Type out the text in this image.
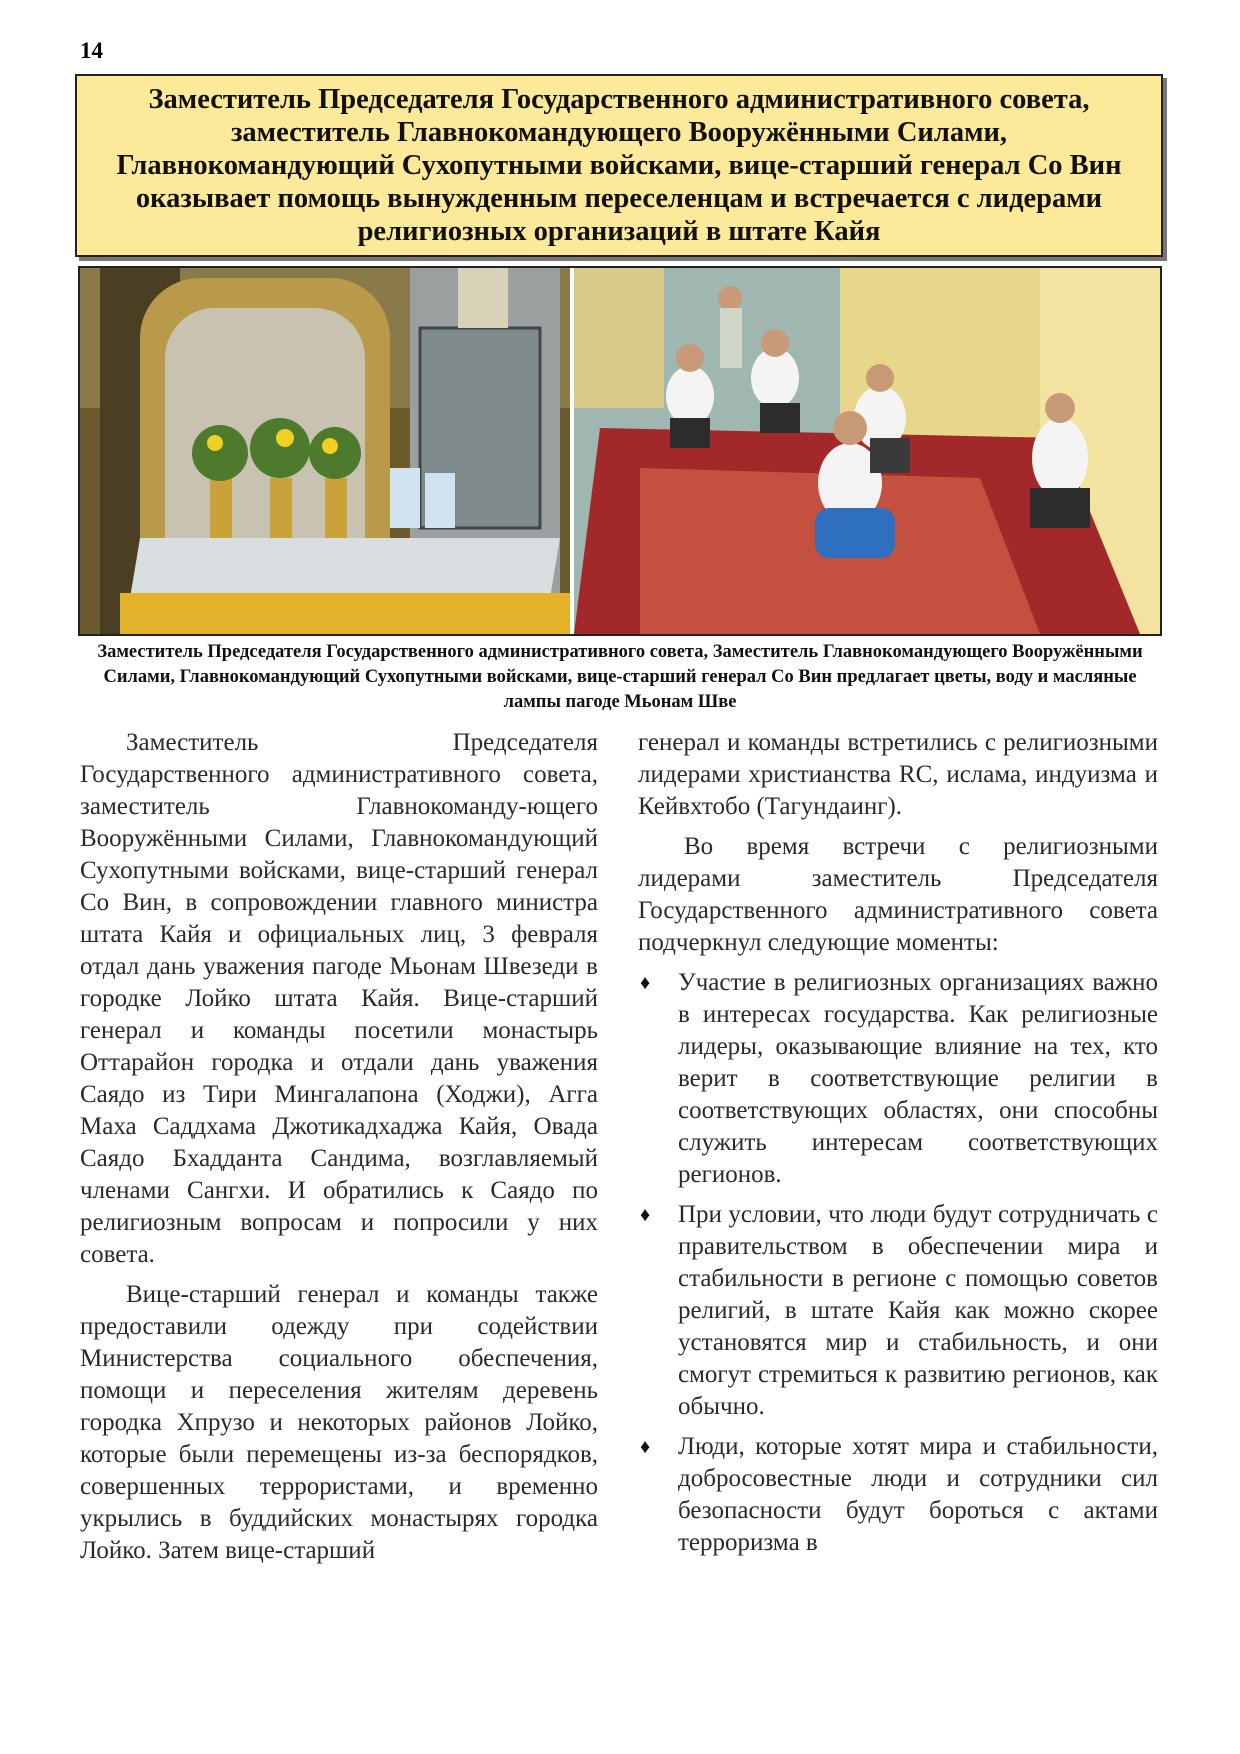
14
Заместитель Председателя Государственного административного совета, заместитель Главнокомандующего Вооружёнными Силами, Главнокомандующий Сухопутными войсками, вице-старший генерал Со Вин оказывает помощь вынужденным переселенцам и встречается с лидерами религиозных организаций в штате Кайя
Заместитель Председателя Государственного административного совета, Заместитель Главнокомандующего Вооружёнными Силами, Главнокомандующий Сухопутными войсками, вице-старший генерал Со Вин предлагает цветы, воду и масляные лампы пагоде Мьонам Шве

Заместитель Председателя Государственного административного совета, заместитель Главнокоманду-ющего Вооружёнными Силами, Главнокомандующий Сухопутными войсками, вице-старший генерал Со Вин, в сопровождении главного министра штата Кайя и официальных лиц, 3 февраля отдал дань уважения пагоде Мьонам Швезеди в городке Лойко штата Кайя. Вице-старший генерал и команды посетили монастырь Оттарайон городка и отдали дань уважения Саядо из Тири Мингалапона (Ходжи), Агга Маха Саддхама Джотикадхаджа Кайя, Овада Саядо Бхадданта Сандима, возглавляемый членами Сангхи. И обратились к Саядо по религиозным вопросам и попросили у них совета.

Вице-старший генерал и команды также предоставили одежду при содействии Министерства социального обеспечения, помощи и переселения жителям деревень городка Хпрузо и некоторых районов Лойко, которые были перемещены из-за беспорядков, совершенных террористами, и временно укрылись в буддийских монастырях городка Лойко. Затем вице-старший

генерал и команды встретились с религиозными лидерами христианства RC, ислама, индуизма и Кейвхтобо (Тагундаинг).

Во время встречи с религиозными лидерами заместитель Председателя Государственного административного совета подчеркнул следующие моменты:

♦ Участие в религиозных организациях важно в интересах государства. Как религиозные лидеры, оказывающие влияние на тех, кто верит в соответствующие религии в соответствующих областях, они способны служить интересам соответствующих регионов.
♦ При условии, что люди будут сотрудничать с правительством в обеспечении мира и стабильности в регионе с помощью советов религий, в штате Кайя как можно скорее установятся мир и стабильность, и они смогут стремиться к развитию регионов, как обычно.
♦ Люди, которые хотят мира и стабильности, добросовестные люди и сотрудники сил безопасности будут бороться с актами терроризма в
